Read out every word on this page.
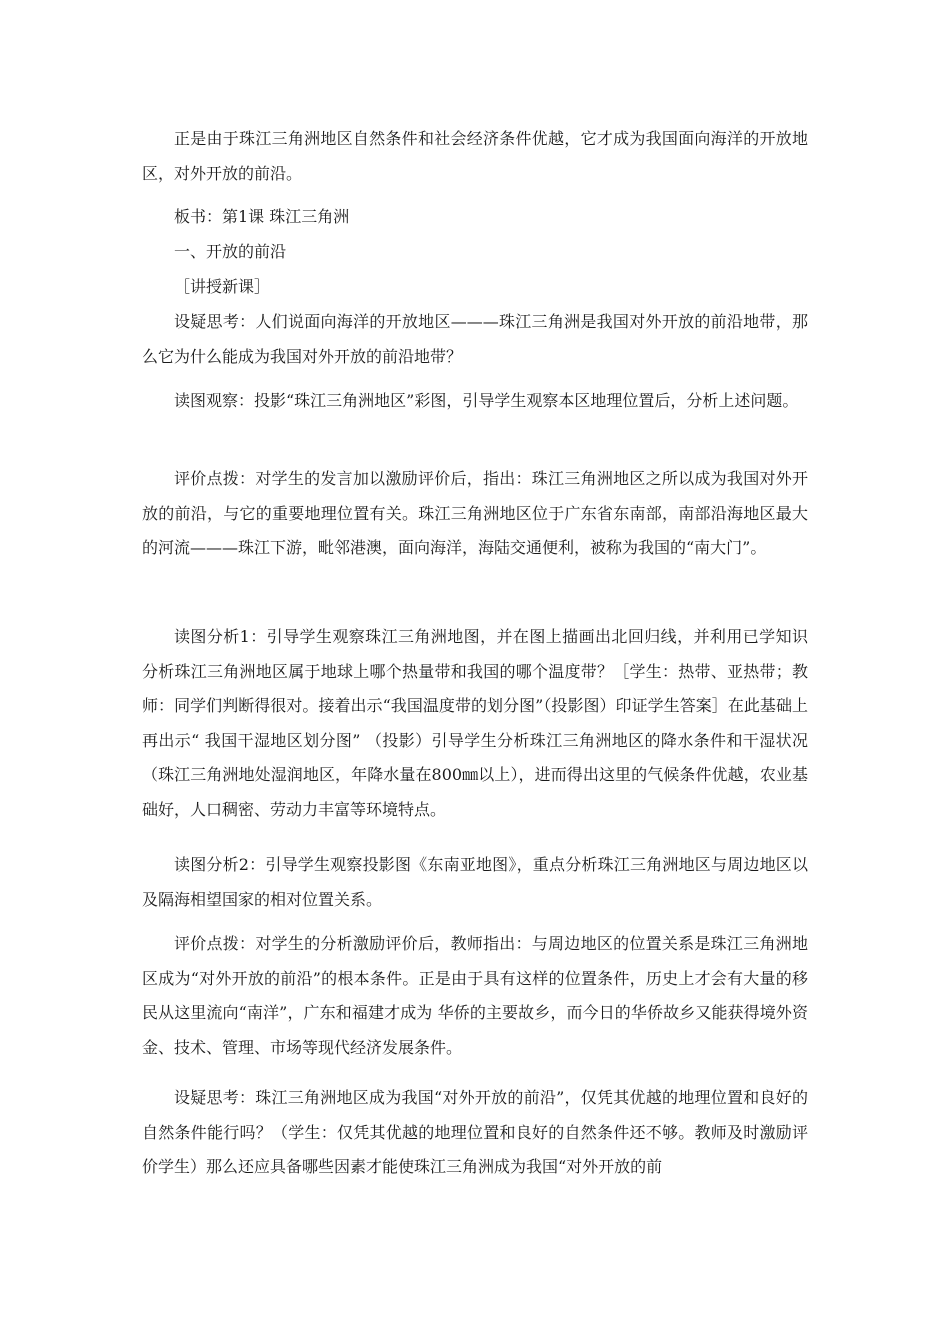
正是由于珠江三角洲地区自然条件和社会经济条件优越，它才成为我国面向海洋的开放地区，对外开放的前沿。

板书：第1课 珠江三角洲

一、开放的前沿

［讲授新课］

设疑思考：人们说面向海洋的开放地区———珠江三角洲是我国对外开放的前沿地带，那么它为什么能成为我国对外开放的前沿地带？

读图观察：投影“珠江三角洲地区”彩图，引导学生观察本区地理位置后，分析上述问题。

评价点拨：对学生的发言加以激励评价后，指出：珠江三角洲地区之所以成为我国对外开放的前沿，与它的重要地理位置有关。珠江三角洲地区位于广东省东南部，南部沿海地区最大的河流———珠江下游，毗邻港澳，面向海洋，海陆交通便利，被称为我国的“南大门”。

读图分析1：引导学生观察珠江三角洲地图，并在图上描画出北回归线，并利用已学知识分析珠江三角洲地区属于地球上哪个热量带和我国的哪个温度带？［学生：热带、亚热带；教师：同学们判断得很对。接着出示“我国温度带的划分图”（投影图）印证学生答案］在此基础上再出示“ 我国干湿地区划分图” （投影）引导学生分析珠江三角洲地区的降水条件和干湿状况（珠江三角洲地处湿润地区，年降水量在800㎜以上），进而得出这里的气候条件优越，农业基础好，人口稠密、劳动力丰富等环境特点。

读图分析2：引导学生观察投影图《东南亚地图》，重点分析珠江三角洲地区与周边地区以及隔海相望国家的相对位置关系。

评价点拨：对学生的分析激励评价后，教师指出：与周边地区的位置关系是珠江三角洲地区成为“对外开放的前沿”的根本条件。正是由于具有这样的位置条件，历史上才会有大量的移民从这里流向“南洋”，广东和福建才成为 华侨的主要故乡，而今日的华侨故乡又能获得境外资金、技术、管理、市场等现代经济发展条件。

设疑思考：珠江三角洲地区成为我国“对外开放的前沿”，仅凭其优越的地理位置和良好的自然条件能行吗？（学生：仅凭其优越的地理位置和良好的自然条件还不够。教师及时激励评价学生）那么还应具备哪些因素才能使珠江三角洲成为我国“对外开放的前
